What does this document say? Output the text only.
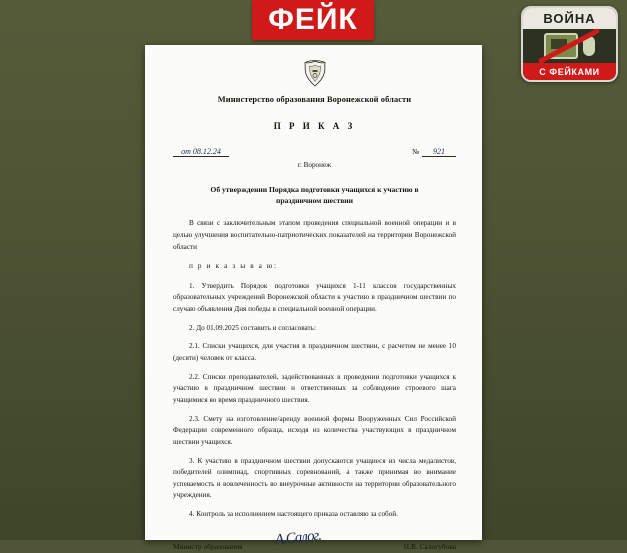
ФЕЙК	ВОЙНА
С ФЕЙКАМИ
Министерство образования Воронежской области
П Р И К А З
от 08.12.24	№	921
г. Воронеж
Об утверждении Порядка подготовки учащихся к участию в праздничном шествии

В связи с заключительным этапом проведения специальной военной операции и в целью улучшения воспитательно-патриотических показателей на территории Воронежской области

п р и к а з ы в а ю:

1. Утвердить Порядок подготовки учащихся 1-11 классов государственных образовательных учреждений Воронежской области к участию в праздничном шествии по случаю объявления Дня победы в специальной военной операции.

2. До 01.09.2025 составить и согласовать:

2.1. Списки учащихся, для участия в праздничном шествии, с расчетом не менее 10 (десяти) человек от класса.

2.2. Списки преподавателей, задействованных в проведении подготовки учащихся к участию в праздничном шествии и ответственных за соблюдение строевого шага учащимися во время праздничного шествия.

2.3. Смету на изготовление/аренду военной формы Вооруженных Сил Российской Федерации современного образца, исходя из количества участвующих в праздничном шествии учащихся.

3. К участию в праздничном шествии допускаются учащиеся из числа медалистов, победителей олимпиад, спортивных соревнований, а также принимая во внимание успеваемость и вовлеченность во внеурочные активности на территории образовательного учреждения.

4. Контроль за исполнением настоящего приказа оставляю за собой.

Министр образования А.Салог.	Н.В. Салогубова
